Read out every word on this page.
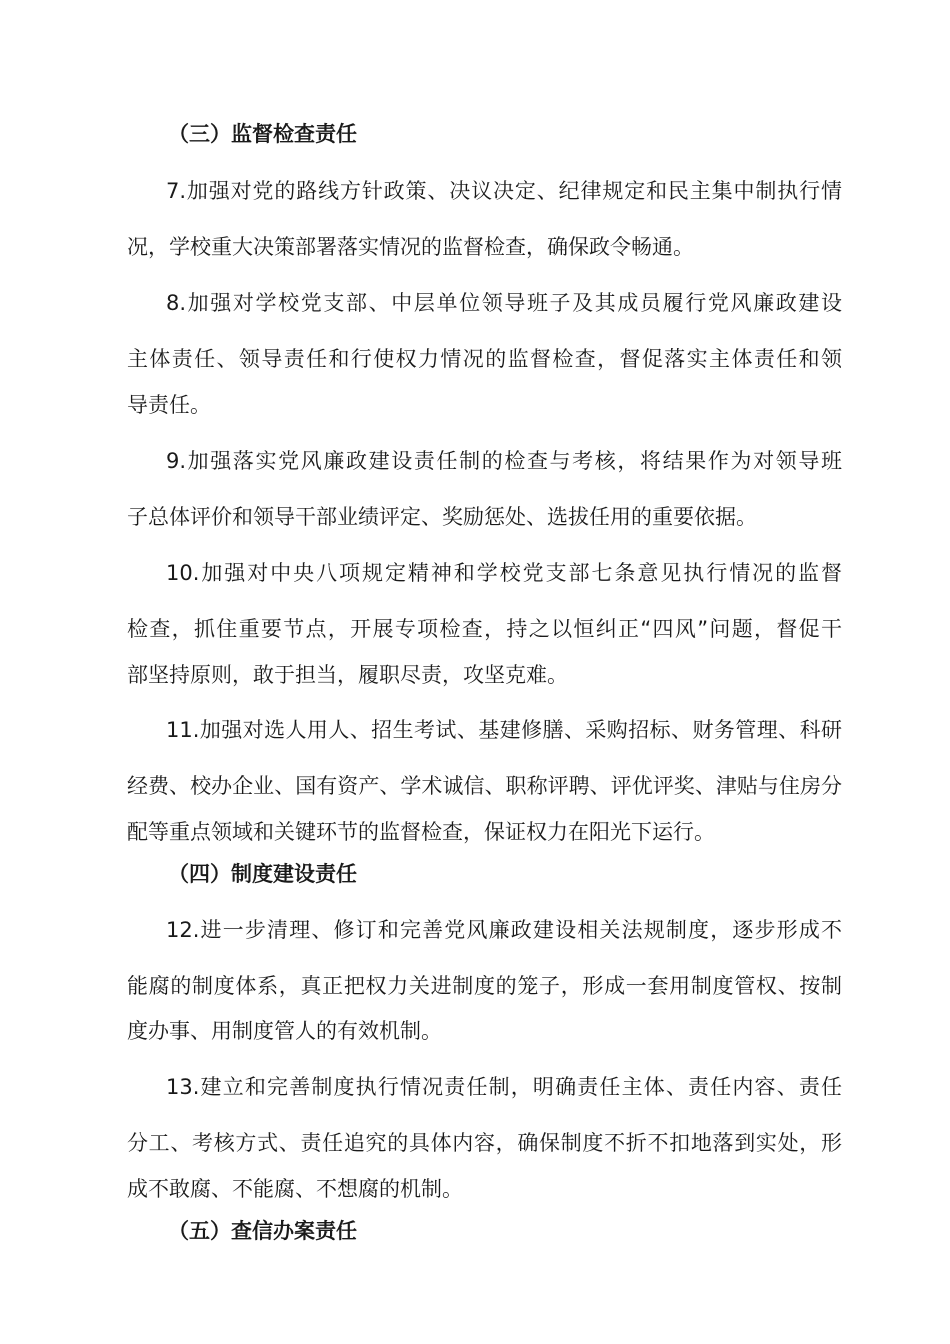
（三）监督检查责任
7.加强对党的路线方针政策、决议决定、纪律规定和民主集中制执行情
况，学校重大决策部署落实情况的监督检查，确保政令畅通。
8.加强对学校党支部、中层单位领导班子及其成员履行党风廉政建设
主体责任、领导责任和行使权力情况的监督检查，督促落实主体责任和领
导责任。
9.加强落实党风廉政建设责任制的检查与考核，将结果作为对领导班
子总体评价和领导干部业绩评定、奖励惩处、选拔任用的重要依据。
10.加强对中央八项规定精神和学校党支部七条意见执行情况的监督
检查，抓住重要节点，开展专项检查，持之以恒纠正“四风”问题，督促干
部坚持原则，敢于担当，履职尽责，攻坚克难。
11.加强对选人用人、招生考试、基建修膳、采购招标、财务管理、科研
经费、校办企业、国有资产、学术诚信、职称评聘、评优评奖、津贴与住房分
配等重点领域和关键环节的监督检查，保证权力在阳光下运行。
（四）制度建设责任
12.进一步清理、修订和完善党风廉政建设相关法规制度，逐步形成不
能腐的制度体系，真正把权力关进制度的笼子，形成一套用制度管权、按制
度办事、用制度管人的有效机制。
13.建立和完善制度执行情况责任制，明确责任主体、责任内容、责任
分工、考核方式、责任追究的具体内容，确保制度不折不扣地落到实处，形
成不敢腐、不能腐、不想腐的机制。
（五）查信办案责任
